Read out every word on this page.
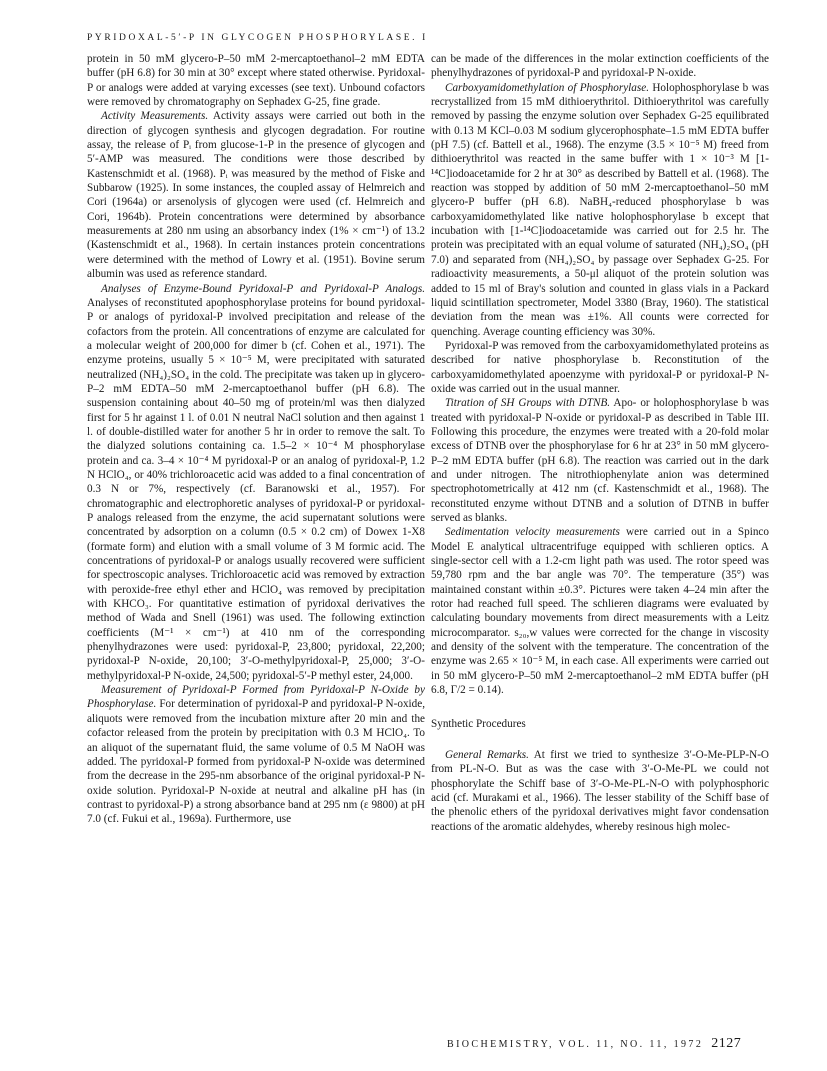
PYRIDOXAL-5′-P IN GLYCOGEN PHOSPHORYLASE. I

protein in 50 mM glycero-P–50 mM 2-mercaptoethanol–2 mM EDTA buffer (pH 6.8) for 30 min at 30° except where stated otherwise. Pyridoxal-P or analogs were added at varying excesses (see text). Unbound cofactors were removed by chromatography on Sephadex G-25, fine grade.

Activity Measurements. Activity assays were carried out both in the direction of glycogen synthesis and glycogen degradation. For routine assay, the release of Pᵢ from glucose-1-P in the presence of glycogen and 5′-AMP was measured. The conditions were those described by Kastenschmidt et al. (1968). Pᵢ was measured by the method of Fiske and Subbarow (1925). In some instances, the coupled assay of Helmreich and Cori (1964a) or arsenolysis of glycogen were used (cf. Helmreich and Cori, 1964b). Protein concentrations were determined by absorbance measurements at 280 nm using an absorbancy index (1% × cm⁻¹) of 13.2 (Kastenschmidt et al., 1968). In certain instances protein concentrations were determined with the method of Lowry et al. (1951). Bovine serum albumin was used as reference standard.

Analyses of Enzyme-Bound Pyridoxal-P and Pyridoxal-P Analogs. Analyses of reconstituted apophosphorylase proteins for bound pyridoxal-P or analogs of pyridoxal-P involved precipitation and release of the cofactors from the protein. All concentrations of enzyme are calculated for a molecular weight of 200,000 for dimer b (cf. Cohen et al., 1971). The enzyme proteins, usually 5 × 10⁻⁵ M, were precipitated with saturated neutralized (NH₄)₂SO₄ in the cold. The precipitate was taken up in glycero-P–2 mM EDTA–50 mM 2-mercaptoethanol buffer (pH 6.8). The suspension containing about 40–50 mg of protein/ml was then dialyzed first for 5 hr against 1 l. of 0.01 N neutral NaCl solution and then against 1 l. of double-distilled water for another 5 hr in order to remove the salt. To the dialyzed solutions containing ca. 1.5–2 × 10⁻⁴ M phosphorylase protein and ca. 3–4 × 10⁻⁴ M pyridoxal-P or an analog of pyridoxal-P, 1.2 N HClO₄, or 40% trichloroacetic acid was added to a final concentration of 0.3 N or 7%, respectively (cf. Baranowski et al., 1957). For chromatographic and electrophoretic analyses of pyridoxal-P or pyridoxal-P analogs released from the enzyme, the acid supernatant solutions were concentrated by adsorption on a column (0.5 × 0.2 cm) of Dowex 1-X8 (formate form) and elution with a small volume of 3 M formic acid. The concentrations of pyridoxal-P or analogs usually recovered were sufficient for spectroscopic analyses. Trichloroacetic acid was removed by extraction with peroxide-free ethyl ether and HClO₄ was removed by precipitation with KHCO₃. For quantitative estimation of pyridoxal derivatives the method of Wada and Snell (1961) was used. The following extinction coefficients (M⁻¹ × cm⁻¹) at 410 nm of the corresponding phenylhydrazones were used: pyridoxal-P, 23,800; pyridoxal, 22,200; pyridoxal-P N-oxide, 20,100; 3′-O-methylpyridoxal-P, 25,000; 3′-O-methylpyridoxal-P N-oxide, 24,500; pyridoxal-5′-P methyl ester, 24,000.

Measurement of Pyridoxal-P Formed from Pyridoxal-P N-Oxide by Phosphorylase. For determination of pyridoxal-P and pyridoxal-P N-oxide, aliquots were removed from the incubation mixture after 20 min and the cofactor released from the protein by precipitation with 0.3 M HClO₄. To an aliquot of the supernatant fluid, the same volume of 0.5 M NaOH was added. The pyridoxal-P formed from pyridoxal-P N-oxide was determined from the decrease in the 295-nm absorbance of the original pyridoxal-P N-oxide solution. Pyridoxal-P N-oxide at neutral and alkaline pH has (in contrast to pyridoxal-P) a strong absorbance band at 295 nm (ε 9800) at pH 7.0 (cf. Fukui et al., 1969a). Furthermore, use

can be made of the differences in the molar extinction coefficients of the phenylhydrazones of pyridoxal-P and pyridoxal-P N-oxide.

Carboxyamidomethylation of Phosphorylase. Holophosphorylase b was recrystallized from 15 mM dithioerythritol. Dithioerythritol was carefully removed by passing the enzyme solution over Sephadex G-25 equilibrated with 0.13 M KCl–0.03 M sodium glycerophosphate–1.5 mM EDTA buffer (pH 7.5) (cf. Battell et al., 1968). The enzyme (3.5 × 10⁻⁵ M) freed from dithioerythritol was reacted in the same buffer with 1 × 10⁻³ M [1-¹⁴C]iodoacetamide for 2 hr at 30° as described by Battell et al. (1968). The reaction was stopped by addition of 50 mM 2-mercaptoethanol–50 mM glycero-P buffer (pH 6.8). NaBH₄-reduced phosphorylase b was carboxyamidomethylated like native holophosphorylase b except that incubation with [1-¹⁴C]iodoacetamide was carried out for 2.5 hr. The protein was precipitated with an equal volume of saturated (NH₄)₂SO₄ (pH 7.0) and separated from (NH₄)₂SO₄ by passage over Sephadex G-25. For radioactivity measurements, a 50-μl aliquot of the protein solution was added to 15 ml of Bray's solution and counted in glass vials in a Packard liquid scintillation spectrometer, Model 3380 (Bray, 1960). The statistical deviation from the mean was ±1%. All counts were corrected for quenching. Average counting efficiency was 30%.

Pyridoxal-P was removed from the carboxyamidomethylated proteins as described for native phosphorylase b. Reconstitution of the carboxyamidomethylated apoenzyme with pyridoxal-P or pyridoxal-P N-oxide was carried out in the usual manner.

Titration of SH Groups with DTNB. Apo- or holophosphorylase b was treated with pyridoxal-P N-oxide or pyridoxal-P as described in Table III. Following this procedure, the enzymes were treated with a 20-fold molar excess of DTNB over the phosphorylase for 6 hr at 23° in 50 mM glycero-P–2 mM EDTA buffer (pH 6.8). The reaction was carried out in the dark and under nitrogen. The nitrothiophenylate anion was determined spectrophotometrically at 412 nm (cf. Kastenschmidt et al., 1968). The reconstituted enzyme without DTNB and a solution of DTNB in buffer served as blanks.

Sedimentation velocity measurements were carried out in a Spinco Model E analytical ultracentrifuge equipped with schlieren optics. A single-sector cell with a 1.2-cm light path was used. The rotor speed was 59,780 rpm and the bar angle was 70°. The temperature (35°) was maintained constant within ±0.3°. Pictures were taken 4–24 min after the rotor had reached full speed. The schlieren diagrams were evaluated by calculating boundary movements from direct measurements with a Leitz microcomparator. s₂₀,w values were corrected for the change in viscosity and density of the solvent with the temperature. The concentration of the enzyme was 2.65 × 10⁻⁵ M, in each case. All experiments were carried out in 50 mM glycero-P–50 mM 2-mercaptoethanol–2 mM EDTA buffer (pH 6.8, Γ/2 = 0.14).

Synthetic Procedures

General Remarks. At first we tried to synthesize 3′-O-Me-PLP-N-O from PL-N-O. But as was the case with 3′-O-Me-PL we could not phosphorylate the Schiff base of 3′-O-Me-PL-N-O with polyphosphoric acid (cf. Murakami et al., 1966). The lesser stability of the Schiff base of the phenolic ethers of the pyridoxal derivatives might favor condensation reactions of the aromatic aldehydes, whereby resinous high molec-

BIOCHEMISTRY, VOL. 11, NO. 11, 1972 2127
